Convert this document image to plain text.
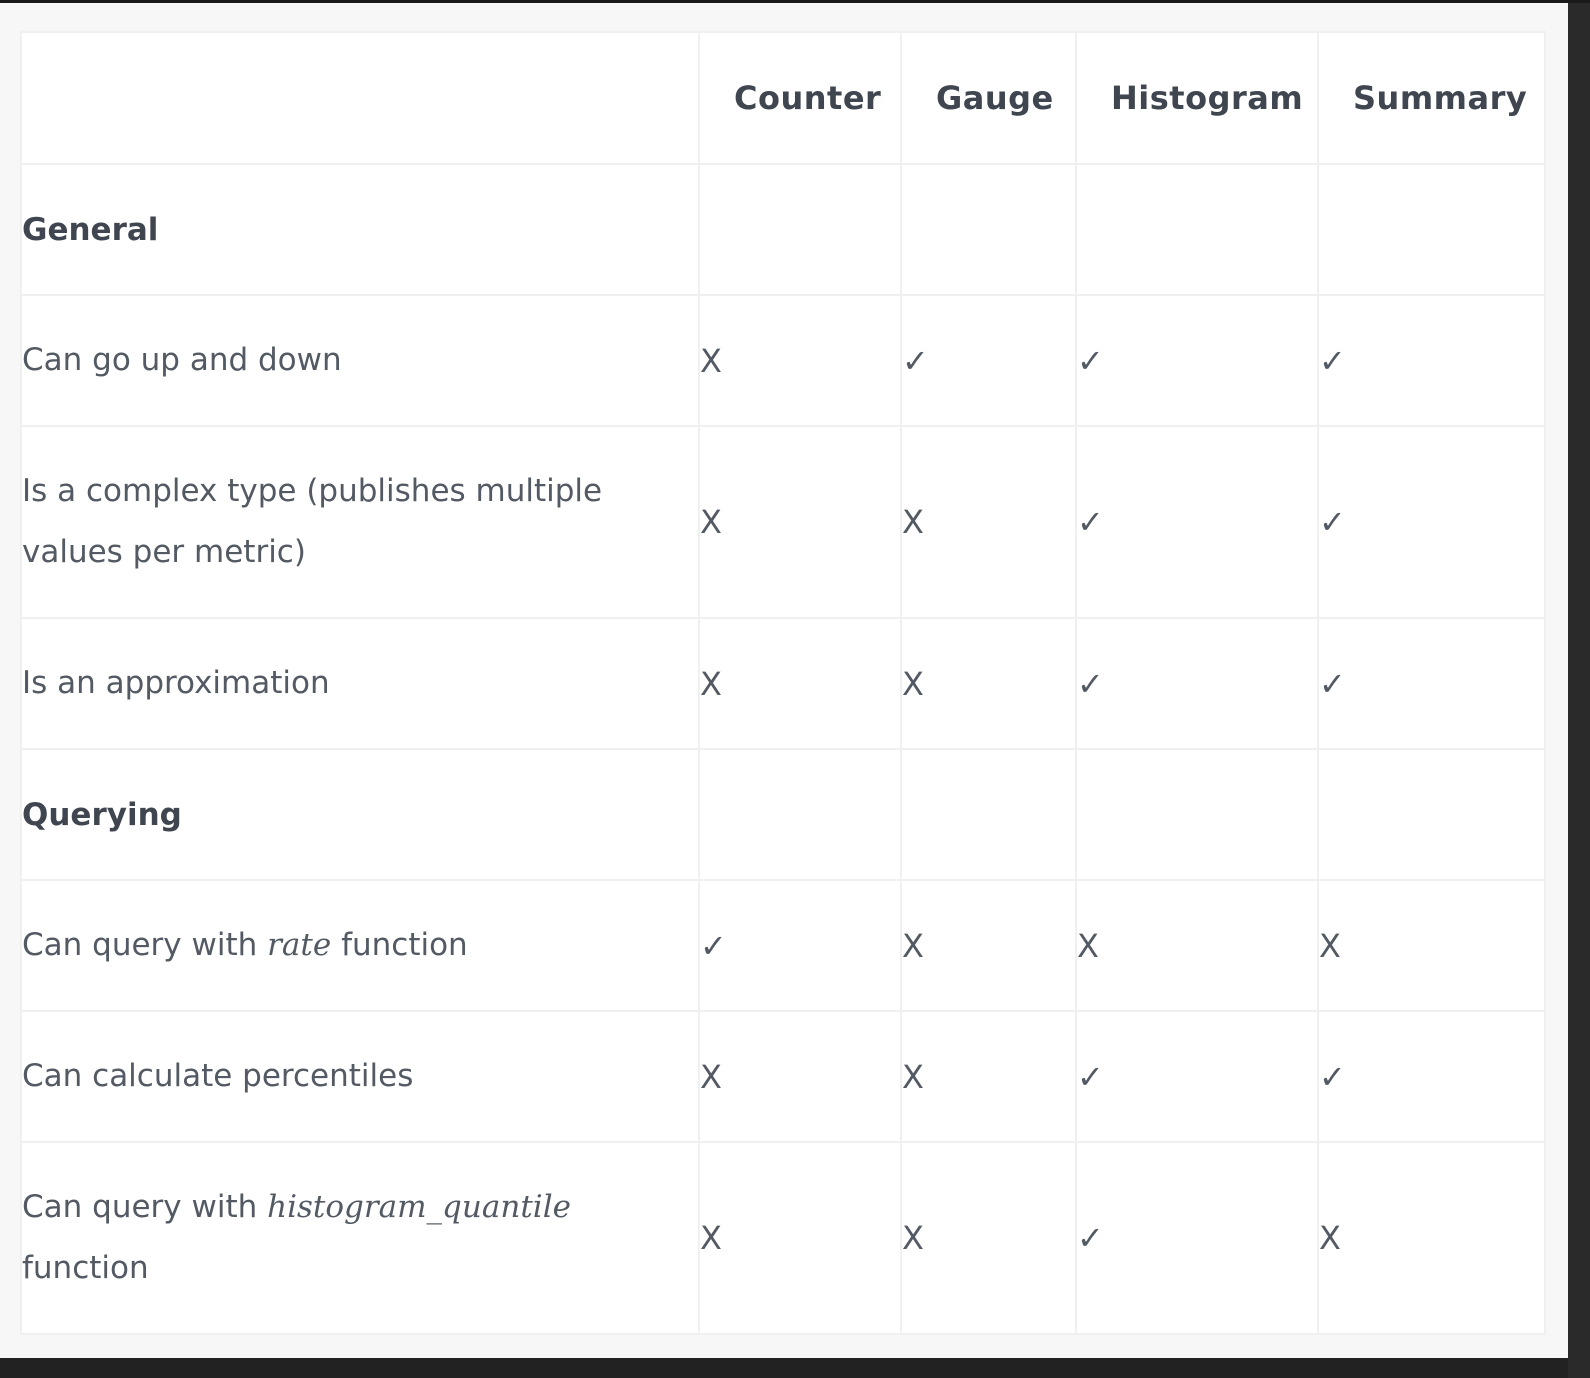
	Counter	Gauge	Histogram	Summary
General				
Can go up and down	X	✓	✓	✓
Is a complex type (publishes multiple values per metric)	X	X	✓	✓
Is an approximation	X	X	✓	✓
Querying				
Can query with rate function	✓	X	X	X
Can calculate percentiles	X	X	✓	✓
Can query with histogram_quantile function	X	X	✓	X
